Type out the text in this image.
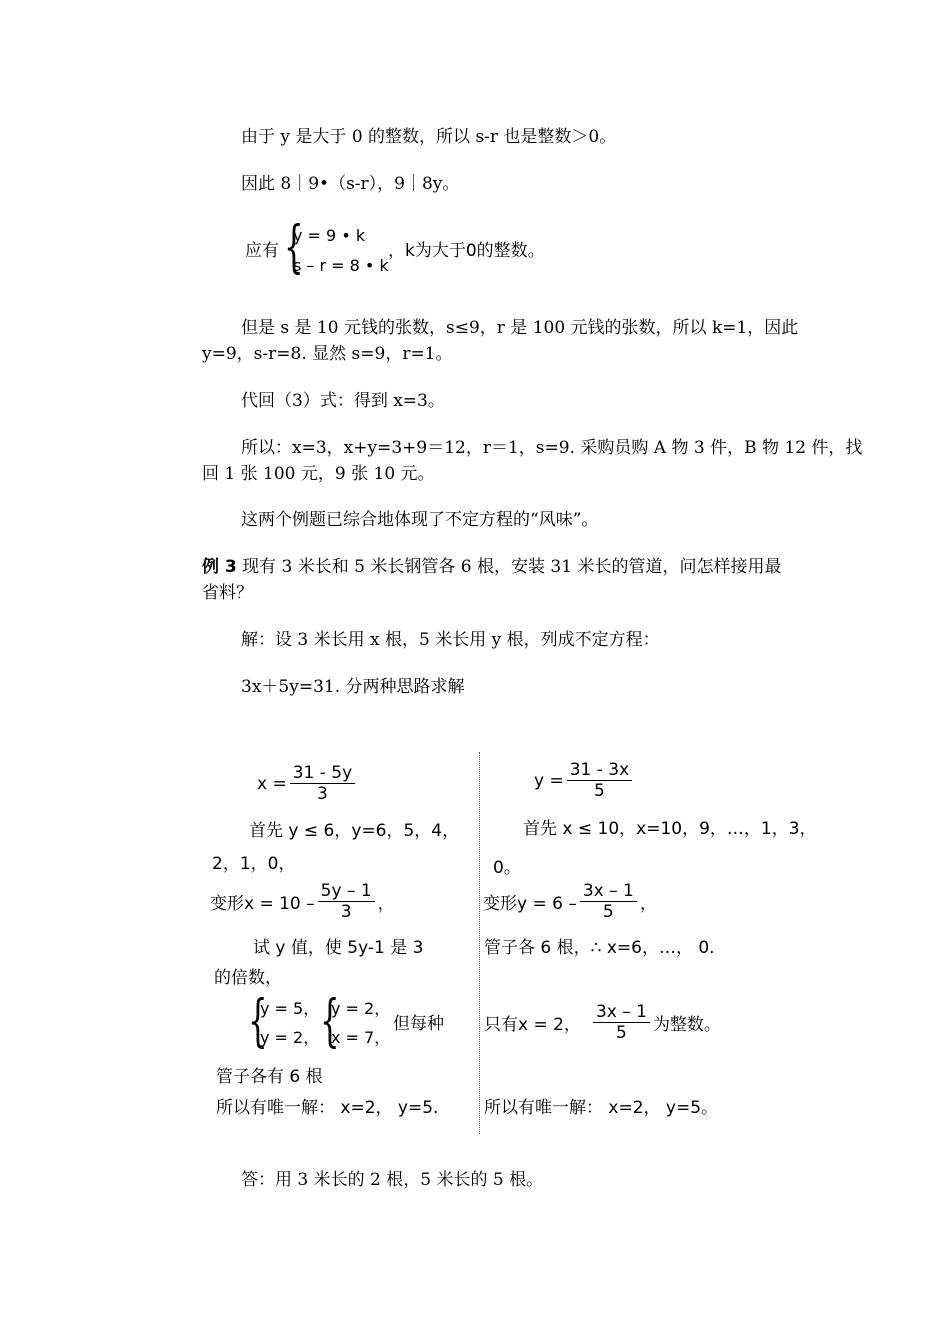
由于 y 是大于 0 的整数，所以 s-r 也是整数＞0。
因此 8｜9•（s-r），9｜8y。
应有 {
y = 9 • k
s – r = 8 • k
，k为大于0的整数。
但是 s 是 10 元钱的张数，s≤9，r 是 100 元钱的张数，所以 k=1，因此
y=9，s-r=8. 显然 s=9，r=1。
代回（3）式：得到 x=3。
所以：x=3，x+y=3+9＝12，r＝1，s=9. 采购员购 A 物 3 件，B 物 12 件，找
回 1 张 100 元，9 张 10 元。
这两个例题已综合地体现了不定方程的“风味”。
例 3 现有 3 米长和 5 米长钢管各 6 根，安装 31 米长的管道，问怎样接用最
省料？
解：设 3 米长用 x 根，5 米长用 y 根，列成不定方程：
3x＋5y=31. 分两种思路求解
$x = \frac{31 - 5y}{3}$
首先 y ≤ 6，y=6，5，4，
2，1，0，
变形$x = 10 - \frac{5y - 1}{3}$ ，
试 y 值，使 5y-1 是 3
的倍数，
{
y = 5，
y = 2， {
y = 2，
x = 7，
但每种
管子各有 6 根
所以有唯一解： x=2， y=5.
$y = \frac{31 - 3x}{5}$
首先 x ≤ 10，x=10，9，…，1，3，
0。
变形$y = 6 - \frac{3x - 1}{5}$ ，
管子各 6 根，∴ x=6，…， 0.
只有x = 2， $\frac{3x - 1}{5}$ 为整数。
所以有唯一解： x=2， y=5。
答：用 3 米长的 2 根，5 米长的 5 根。
